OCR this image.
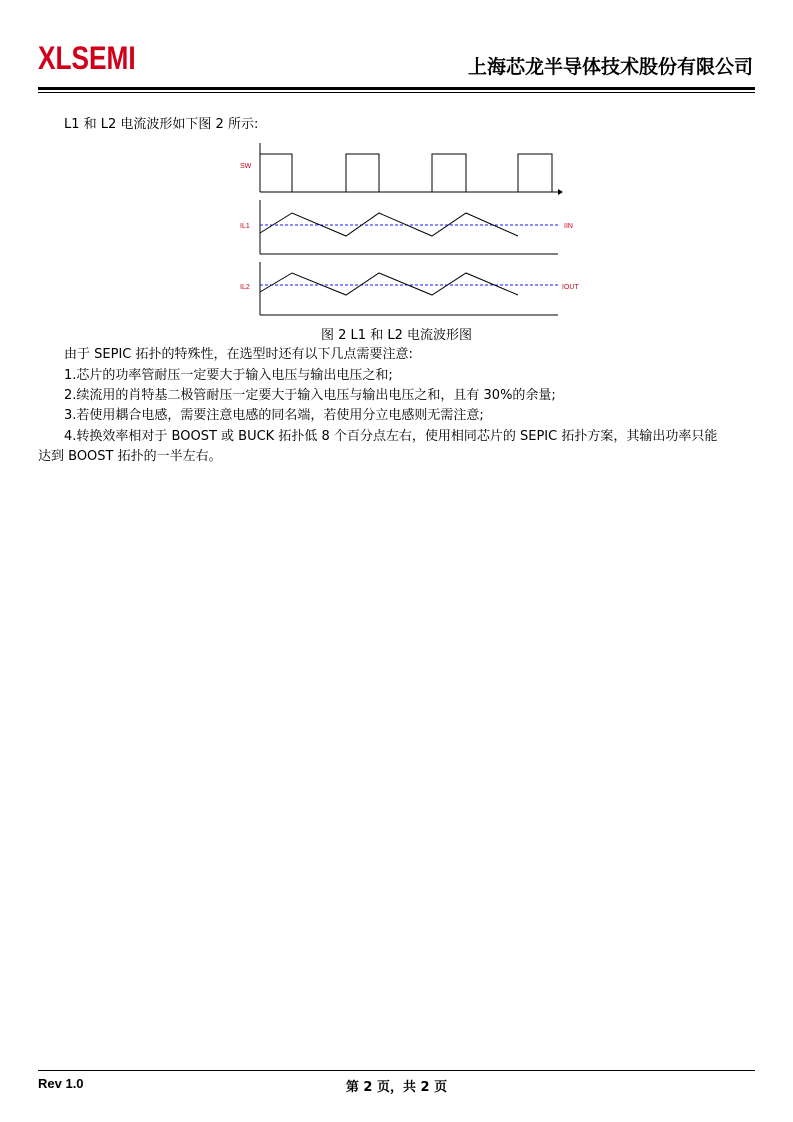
XLSEMI	上海芯龙半导体技术股份有限公司
L1 和 L2 电流波形如下图 2 所示:
SW
IL1	IIN
IL2	IOUT
图 2 L1 和 L2 电流波形图
由于 SEPIC 拓扑的特殊性，在选型时还有以下几点需要注意:
1.芯片的功率管耐压一定要大于输入电压与输出电压之和;
2.续流用的肖特基二极管耐压一定要大于输入电压与输出电压之和，且有 30%的余量;
3.若使用耦合电感，需要注意电感的同名端，若使用分立电感则无需注意;
4.转换效率相对于 BOOST 或 BUCK 拓扑低 8 个百分点左右，使用相同芯片的 SEPIC 拓扑方案，其输出功率只能
达到 BOOST 拓扑的一半左右。
Rev 1.0	第 2 页，共 2 页
